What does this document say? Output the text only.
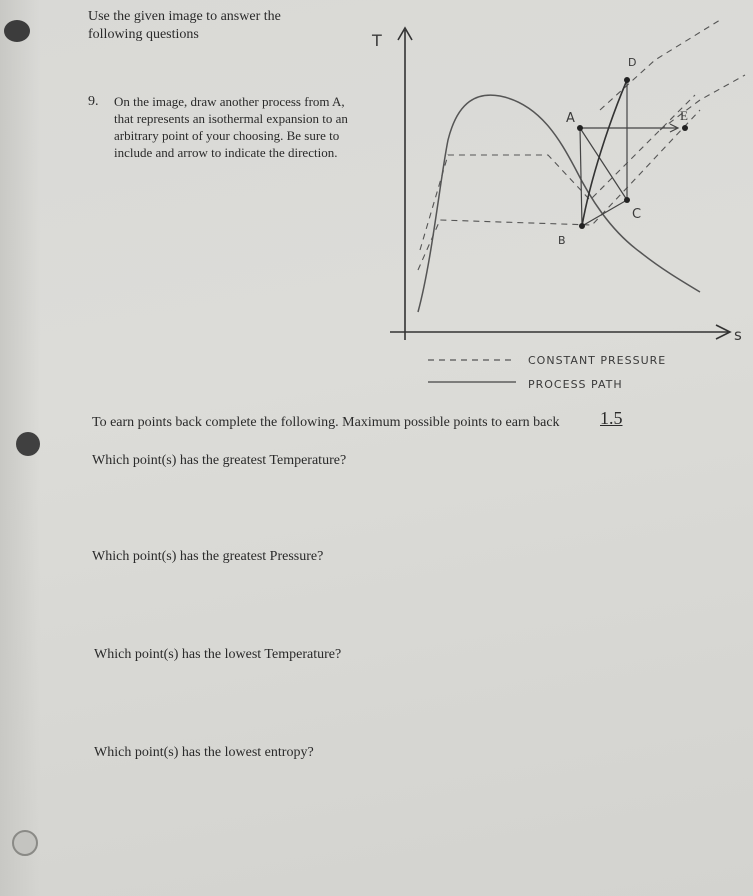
Use the given image to answer the following questions
9. On the image, draw another process from A, that represents an isothermal expansion to an arbitrary point of your choosing. Be sure to include and arrow to indicate the direction.
T
s
A
B
C
D
E
CONSTANT PRESSURE
PROCESS PATH
To earn points back complete the following. Maximum possible points to earn back 1.5
Which point(s) has the greatest Temperature?
Which point(s) has the greatest Pressure?
Which point(s) has the lowest Temperature?
Which point(s) has the lowest entropy?
